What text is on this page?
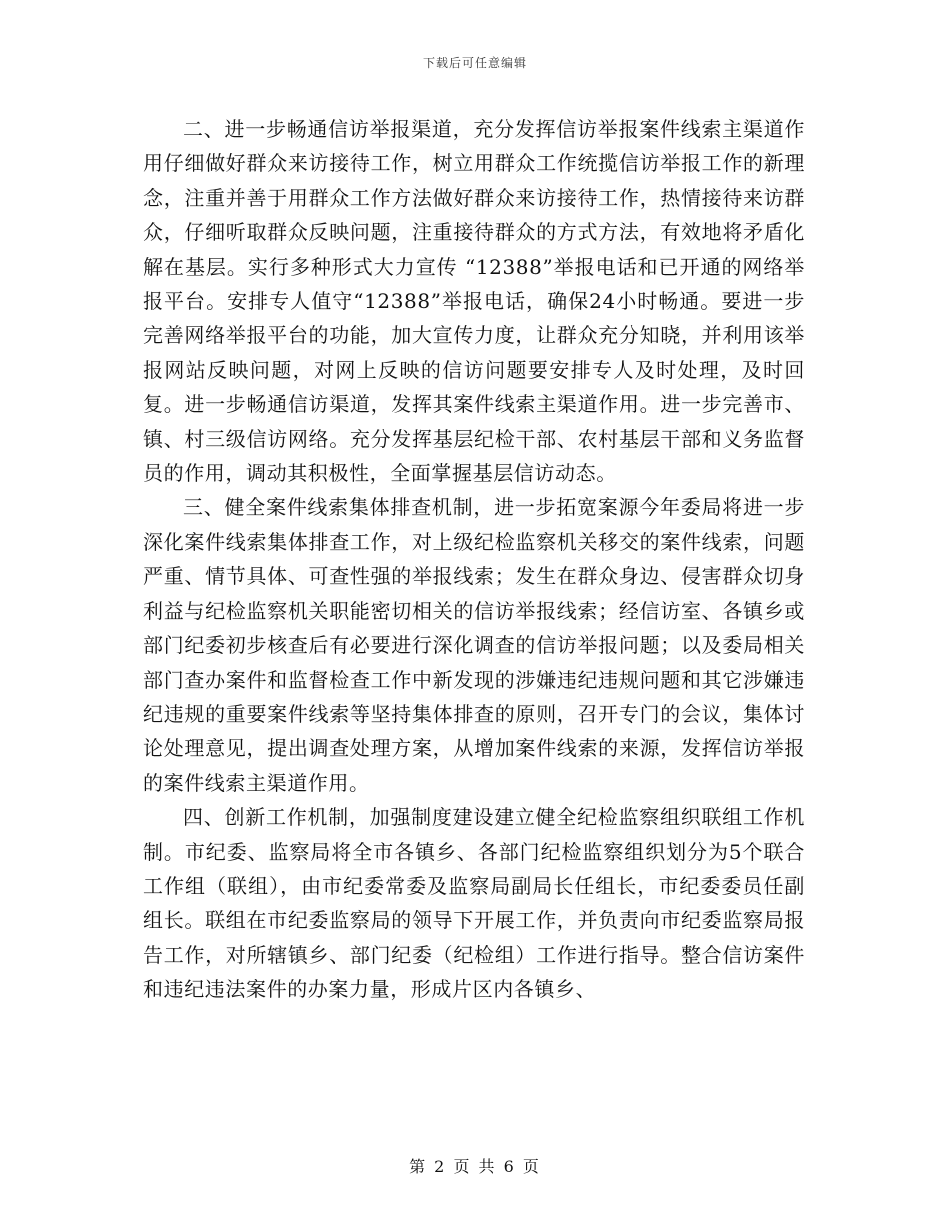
下载后可任意编辑

二、进一步畅通信访举报渠道，充分发挥信访举报案件线索主渠道作用仔细做好群众来访接待工作，树立用群众工作统揽信访举报工作的新理念，注重并善于用群众工作方法做好群众来访接待工作，热情接待来访群众，仔细听取群众反映问题，注重接待群众的方式方法，有效地将矛盾化解在基层。实行多种形式大力宣传 “12388”举报电话和已开通的网络举报平台。安排专人值守“12388”举报电话，确保24小时畅通。要进一步完善网络举报平台的功能，加大宣传力度，让群众充分知晓，并利用该举报网站反映问题，对网上反映的信访问题要安排专人及时处理，及时回复。进一步畅通信访渠道，发挥其案件线索主渠道作用。进一步完善市、镇、村三级信访网络。充分发挥基层纪检干部、农村基层干部和义务监督员的作用，调动其积极性，全面掌握基层信访动态。

三、健全案件线索集体排查机制，进一步拓宽案源今年委局将进一步深化案件线索集体排查工作，对上级纪检监察机关移交的案件线索，问题严重、情节具体、可查性强的举报线索；发生在群众身边、侵害群众切身利益与纪检监察机关职能密切相关的信访举报线索；经信访室、各镇乡或部门纪委初步核查后有必要进行深化调查的信访举报问题；以及委局相关部门查办案件和监督检查工作中新发现的涉嫌违纪违规问题和其它涉嫌违纪违规的重要案件线索等坚持集体排查的原则，召开专门的会议，集体讨论处理意见，提出调查处理方案，从增加案件线索的来源，发挥信访举报的案件线索主渠道作用。

四、创新工作机制，加强制度建设建立健全纪检监察组织联组工作机制。市纪委、监察局将全市各镇乡、各部门纪检监察组织划分为5个联合工作组（联组），由市纪委常委及监察局副局长任组长，市纪委委员任副组长。联组在市纪委监察局的领导下开展工作，并负责向市纪委监察局报告工作，对所辖镇乡、部门纪委（纪检组）工作进行指导。整合信访案件和违纪违法案件的办案力量，形成片区内各镇乡、

第 2 页 共 6 页
